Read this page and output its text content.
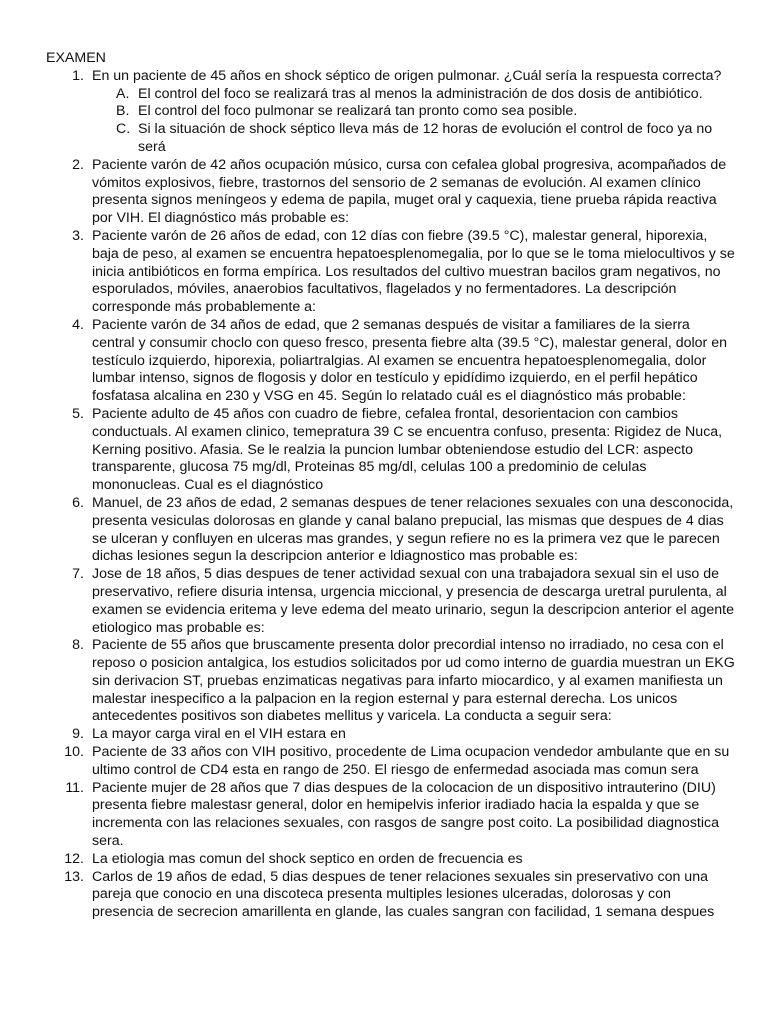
EXAMEN
1. En un paciente de 45 años en shock séptico de origen pulmonar. ¿Cuál sería la respuesta correcta?
A. El control del foco se realizará tras al menos la administración de dos dosis de antibiótico.
B. El control del foco pulmonar se realizará tan pronto como sea posible.
C. Si la situación de shock séptico lleva más de 12 horas de evolución el control de foco ya no será
2. Paciente varón de 42 años ocupación músico, cursa con cefalea global progresiva, acompañados de vómitos explosivos, fiebre, trastornos del sensorio de 2 semanas de evolución. Al examen clínico presenta signos meníngeos y edema de papila, muget oral y caquexia, tiene prueba rápida reactiva por VIH. El diagnóstico más probable es:
3. Paciente varón de 26 años de edad, con 12 días con fiebre (39.5 °C), malestar general, hiporexia, baja de peso, al examen se encuentra hepatoesplenomegalia, por lo que se le toma mielocultivos y se inicia antibióticos en forma empírica. Los resultados del cultivo muestran bacilos gram negativos, no esporulados, móviles, anaerobios facultativos, flagelados y no fermentadores. La descripción corresponde más probablemente a:
4. Paciente varón de 34 años de edad, que 2 semanas después de visitar a familiares de la sierra central y consumir choclo con queso fresco, presenta fiebre alta (39.5 °C), malestar general, dolor en testículo izquierdo, hiporexia, poliartralgias. Al examen se encuentra hepatoesplenomegalia, dolor lumbar intenso, signos de flogosis y dolor en testículo y epidídimo izquierdo, en el perfil hepático fosfatasa alcalina en 230 y VSG en 45. Según lo relatado cuál es el diagnóstico más probable:
5. Paciente adulto de 45 años con cuadro de fiebre, cefalea frontal, desorientacion con cambios conductuals. Al examen clinico, temepratura 39 C se encuentra confuso, presenta: Rigidez de Nuca, Kerning positivo. Afasia. Se le realzia la puncion lumbar obteniendose estudio del LCR: aspecto transparente, glucosa 75 mg/dl, Proteinas 85 mg/dl, celulas 100 a predominio de celulas mononucleas. Cual es el diagnóstico
6. Manuel, de 23 años de edad, 2 semanas despues de tener relaciones sexuales con una desconocida, presenta vesiculas dolorosas en glande y canal balano prepucial, las mismas que despues de 4 dias se ulceran y confluyen en ulceras mas grandes, y segun refiere no es la primera vez que le parecen dichas lesiones segun la descripcion anterior e ldiagnostico mas probable es:
7. Jose de 18 años, 5 dias despues de tener actividad sexual con una trabajadora sexual sin el uso de preservativo, refiere disuria intensa, urgencia miccional, y presencia de descarga uretral purulenta, al examen se evidencia eritema y leve edema del meato urinario, segun la descripcion anterior el agente etiologico mas probable es:
8. Paciente de 55 años que bruscamente presenta dolor precordial intenso no irradiado, no cesa con el reposo o posicion antalgica, los estudios solicitados por ud como interno de guardia muestran un EKG sin derivacion ST, pruebas enzimaticas negativas para infarto miocardico, y al examen manifiesta un malestar inespecifico a la palpacion en la region esternal y para esternal derecha. Los unicos antecedentes positivos son diabetes mellitus y varicela. La conducta a seguir sera:
9. La mayor carga viral en el VIH estara en
10. Paciente de 33 años con VIH positivo, procedente de Lima ocupacion vendedor ambulante que en su ultimo control de CD4 esta en rango de 250. El riesgo de enfermedad asociada mas comun sera
11. Paciente mujer de 28 años que 7 dias despues de la colocacion de un dispositivo intrauterino (DIU) presenta fiebre malestasr general, dolor en hemipelvis inferior iradiado hacia la espalda y que se incrementa con las relaciones sexuales, con rasgos de sangre post coito. La posibilidad diagnostica sera.
12. La etiologia mas comun del shock septico en orden de frecuencia es
13. Carlos de 19 años de edad, 5 dias despues de tener relaciones sexuales sin preservativo con una pareja que conocio en una discoteca presenta multiples lesiones ulceradas, dolorosas y con presencia de secrecion amarillenta en glande, las cuales sangran con facilidad, 1 semana despues
